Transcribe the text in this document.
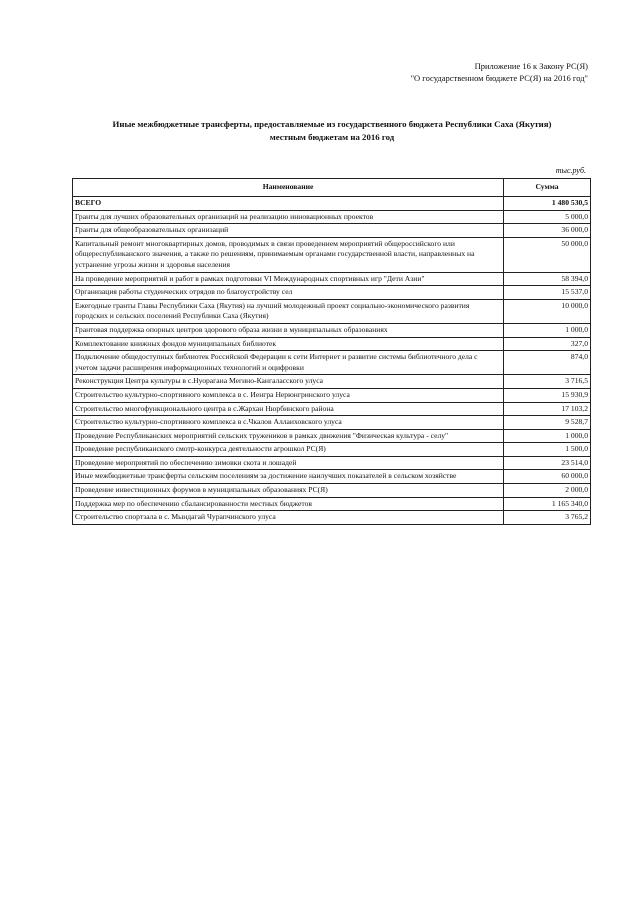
Приложение 16 к Закону РС(Я)
"О государственном бюджете РС(Я) на 2016 год"
Иные межбюджетные трансферты, предоставляемые из государственного бюджета Республики Саха (Якутия)
местным бюджетам на 2016 год
тыс.руб.
Наименование	Сумма
ВСЕГО	1 480 530,5
Гранты для лучших образовательных организаций на реализацию инновационных проектов	5 000,0
Гранты для общеобразовательных организаций	36 000,0
Капитальный ремонт многоквартирных домов, проводимых в связи проведением мероприятий общероссийского или общереспубликанского значения, а также по решениям, принимаемым органами государственной власти, направленных на устранение угрозы жизни и здоровья населения	50 000,0
На проведение мероприятий и работ в рамках подготовки VI Международных спортивных игр "Дети Азии"	58 394,0
Организация работы студенческих отрядов по благоустройству сел	15 537,0
Ежегодные гранты Главы Республики Саха (Якутия) на лучший молодежный проект социально-экономического развития городских и сельских поселений Республики Саха (Якутия)	10 000,0
Грантовая поддержка опорных центров здорового образа жизни в муниципальных образованиях	1 000,0
Комплектование книжных фондов муниципальных библиотек	327,0
Подключение общедоступных библиотек Российской Федерации к сети Интернет и развитие системы библиотечного дела с учетом задачи расширения информационных технологий и оцифровки	874,0
Реконструкция Центра культуры в с.Нуорагана Мегино-Кангаласского улуса	3 716,5
Строительство культурно-спортивного комплекса в с. Иенгра Нерюнгринского улуса	15 930,9
Строительство многофункционального центра в с.Жархан Нюрбинского района	17 103,2
Строительство культурно-спортивного комплекса в с.Чкалов Аллаиховского улуса	9 528,7
Проведение Республиканских мероприятий сельских тружеников в рамках движения "Физическая культура - селу"	1 000,0
Проведение республиканского смотр-конкурса деятельности агрошкол РС(Я)	1 500,0
Проведение мероприятий по обеспечению зимовки скота и лошадей	23 514,0
Иные межбюджетные трансферты сельским поселениям за достижение наилучших показателей в сельском хозяйстве	60 000,0
Проведение инвестиционных форумов в муниципальных образованиях РС(Я)	2 000,0
Поддержка мер по обеспечению сбалансированности местных бюджетов	1 165 340,0
Строительство спортзала в с. Мындагай Чурапчинского улуса	3 765,2
